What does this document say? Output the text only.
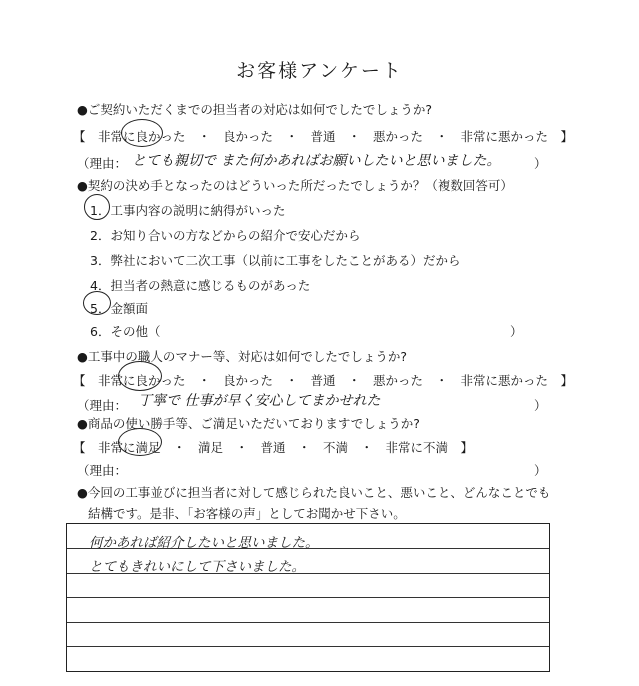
お客様アンケート
●ご契約いただくまでの担当者の対応は如何でしたでしょうか?
【　非常に良かった　・　良かった　・　普通　・　悪かった　・　非常に悪かった　】
（理由： とても親切で また何かあればお願いしたいと思いました。	）
●契約の決め手となったのはどういった所だったでしょうか？（複数回答可）
1．工事内容の説明に納得がいった
2．お知り合いの方などからの紹介で安心だから
3．弊社において二次工事（以前に工事をしたことがある）だから
4．担当者の熱意に感じるものがあった
5．金額面
6．その他（	）
●工事中の職人のマナー等、対応は如何でしたでしょうか?
【　非常に良かった　・　良かった　・　普通　・　悪かった　・　非常に悪かった　】
（理由： 丁寧で 仕事が早く安心してまかせれた	）
●商品の使い勝手等、ご満足いただいておりますでしょうか?
【　非常に満足　・　満足　・　普通　・　不満　・　非常に不満　】
（理由：	）
●今回の工事並びに担当者に対して感じられた良いこと、悪いこと、どんなことでも
結構です。是非、「お客様の声」としてお聞かせ下さい。
何かあれば紹介したいと思いました。
とてもきれいにして下さいました。
